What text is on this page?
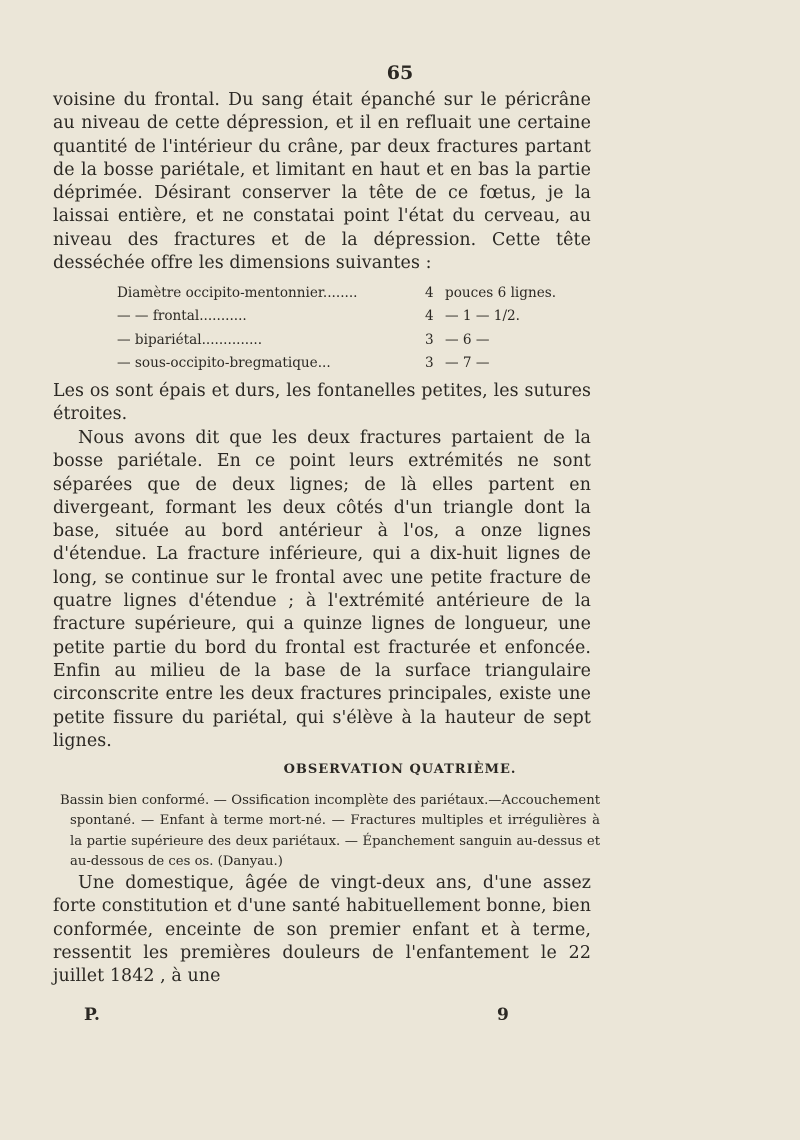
65

voisine du frontal. Du sang était épanché sur le péricrâne au niveau de cette dépression, et il en refluait une certaine quantité de l'intérieur du crâne, par deux fractures partant de la bosse pariétale, et limitant en haut et en bas la partie déprimée. Désirant conserver la tête de ce fœtus, je la laissai entière, et ne constatai point l'état du cerveau, au niveau des fractures et de la dépression. Cette tête desséchée offre les dimensions suivantes :

Diamètre occipito-mentonnier........	4 pouces 6 lignes.
— — frontal...........	4 — 1 — 1/2.
— bipariétal..............	3 — 6 —
— sous-occipito-bregmatique...	3 — 7 —

Les os sont épais et durs, les fontanelles petites, les sutures étroites.

Nous avons dit que les deux fractures partaient de la bosse pariétale. En ce point leurs extrémités ne sont séparées que de deux lignes; de là elles partent en divergeant, formant les deux côtés d'un triangle dont la base, située au bord antérieur à l'os, a onze lignes d'étendue. La fracture inférieure, qui a dix-huit lignes de long, se continue sur le frontal avec une petite fracture de quatre lignes d'étendue ; à l'extrémité antérieure de la fracture supérieure, qui a quinze lignes de longueur, une petite partie du bord du frontal est fracturée et enfoncée. Enfin au milieu de la base de la surface triangulaire circonscrite entre les deux fractures principales, existe une petite fissure du pariétal, qui s'élève à la hauteur de sept lignes.

OBSERVATION QUATRIÈME.

Bassin bien conformé. — Ossification incomplète des pariétaux.—Accouchement spontané. — Enfant à terme mort-né. — Fractures multiples et irrégulières à la partie supérieure des deux pariétaux. — Épanchement sanguin au-dessus et au-dessous de ces os. (Danyau.)

Une domestique, âgée de vingt-deux ans, d'une assez forte constitution et d'une santé habituellement bonne, bien conformée, enceinte de son premier enfant et à terme, ressentit les premières douleurs de l'enfantement le 22 juillet 1842 , à une

P.	9
